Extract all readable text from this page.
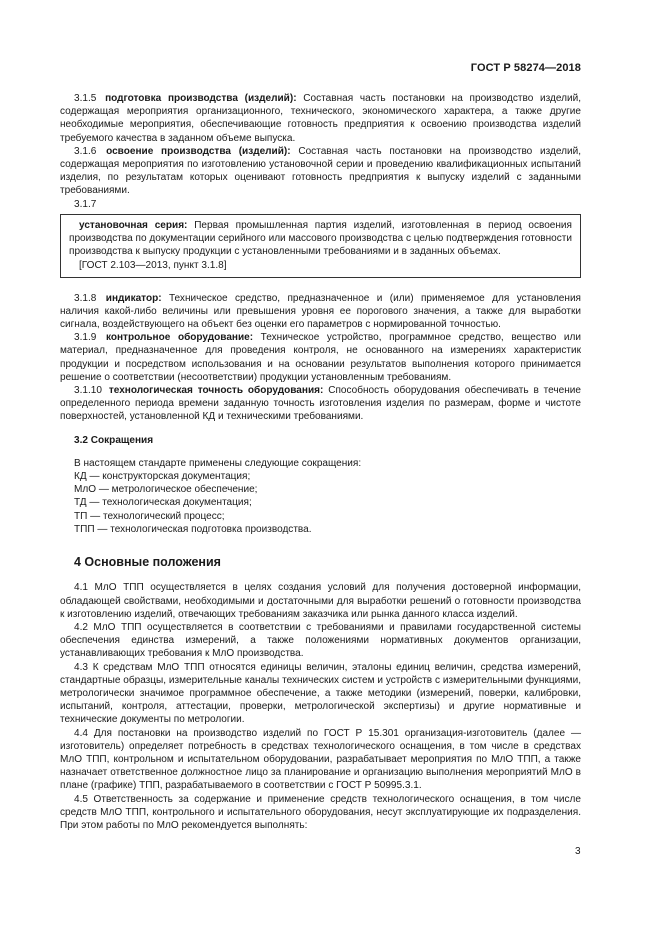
ГОСТ Р 58274—2018

3.1.5 подготовка производства (изделий): Составная часть постановки на производство изделий, содержащая мероприятия организационного, технического, экономического характера, а также другие необходимые мероприятия, обеспечивающие готовность предприятия к освоению производства изделий требуемого качества в заданном объеме выпуска.

3.1.6 освоение производства (изделий): Составная часть постановки на производство изделий, содержащая мероприятия по изготовлению установочной серии и проведению квалификационных испытаний изделия, по результатам которых оценивают готовность предприятия к выпуску изделий с заданными требованиями.

3.1.7

установочная серия: Первая промышленная партия изделий, изготовленная в период освоения производства по документации серийного или массового производства с целью подтверждения готовности производства к выпуску продукции с установленными требованиями и в заданных объемах.

[ГОСТ 2.103—2013, пункт 3.1.8]

3.1.8 индикатор: Техническое средство, предназначенное и (или) применяемое для установления наличия какой-либо величины или превышения уровня ее порогового значения, а также для выработки сигнала, воздействующего на объект без оценки его параметров с нормированной точностью.

3.1.9 контрольное оборудование: Техническое устройство, программное средство, вещество или материал, предназначенное для проведения контроля, не основанного на измерениях характеристик продукции и посредством использования и на основании результатов выполнения которого принимается решение о соответствии (несоответствии) продукции установленным требованиям.

3.1.10 технологическая точность оборудования: Способность оборудования обеспечивать в течение определенного периода времени заданную точность изготовления изделия по размерам, форме и чистоте поверхностей, установленной КД и техническими требованиями.

3.2 Сокращения

В настоящем стандарте применены следующие сокращения:

КД — конструкторская документация;

МлО — метрологическое обеспечение;

ТД — технологическая документация;

ТП — технологический процесс;

ТПП — технологическая подготовка производства.

4 Основные положения

4.1 МлО ТПП осуществляется в целях создания условий для получения достоверной информации, обладающей свойствами, необходимыми и достаточными для выработки решений о готовности производства к изготовлению изделий, отвечающих требованиям заказчика или рынка данного класса изделий.

4.2 МлО ТПП осуществляется в соответствии с требованиями и правилами государственной системы обеспечения единства измерений, а также положениями нормативных документов организации, устанавливающих требования к МлО производства.

4.3 К средствам МлО ТПП относятся единицы величин, эталоны единиц величин, средства измерений, стандартные образцы, измерительные каналы технических систем и устройств с измерительными функциями, метрологически значимое программное обеспечение, а также методики (измерений, поверки, калибровки, испытаний, контроля, аттестации, проверки, метрологической экспертизы) и другие нормативные и технические документы по метрологии.

4.4 Для постановки на производство изделий по ГОСТ Р 15.301 организация-изготовитель (далее — изготовитель) определяет потребность в средствах технологического оснащения, в том числе в средствах МлО ТПП, контрольном и испытательном оборудовании, разрабатывает мероприятия по МлО ТПП, а также назначает ответственное должностное лицо за планирование и организацию выполнения мероприятий МлО в плане (графике) ТПП, разрабатываемого в соответствии с ГОСТ Р 50995.3.1.

4.5 Ответственность за содержание и применение средств технологического оснащения, в том числе средств МлО ТПП, контрольного и испытательного оборудования, несут эксплуатирующие их подразделения. При этом работы по МлО рекомендуется выполнять:

3
